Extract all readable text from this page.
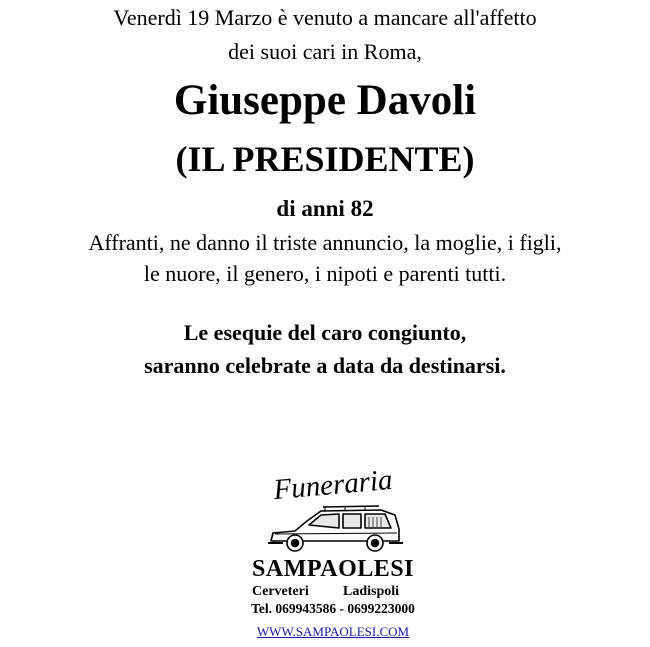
Venerdì 19 Marzo è venuto a mancare all'affetto
dei suoi cari in Roma,
Giuseppe Davoli
(IL PRESIDENTE)
di anni 82
Affranti, ne danno il triste annuncio, la moglie, i figli,
le nuore, il genero, i nipoti e parenti tutti.
Le esequie del caro congiunto,
saranno celebrate a data da destinarsi.
Funeraria
SAMPAOLESI
Cerveteri Ladispoli
Tel. 069943586 - 0699223000
WWW.SAMPAOLESI.COM
